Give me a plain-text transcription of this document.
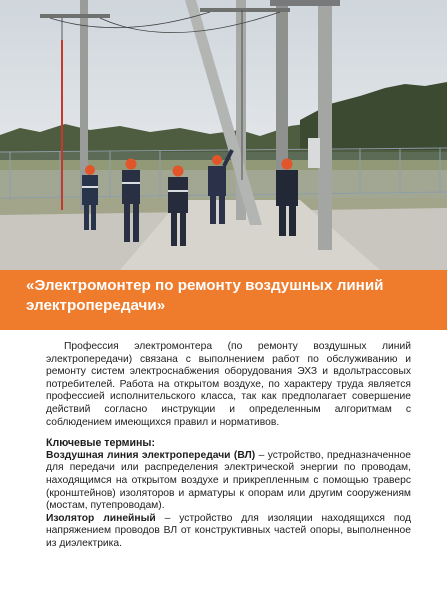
«Электромонтер по ремонту воздушных линий
электропередачи»

Профессия электромонтера (по ремонту воздушных линий электропередачи) связана с выполнением работ по обслуживанию и ремонту систем электроснабжения оборудования ЭХЗ и вдольтрассовых потребителей. Работа на открытом воздухе, по характеру труда является профессией исполнительского класса, так как предполагает совершение действий согласно инструкции и определенным алгоритмам с соблюдением имеющихся правил и нормативов.

Ключевые термины:

Воздушная линия электропередачи (ВЛ) – устройство, предназначенное для передачи или распределения электрической энергии по проводам, находящимся на открытом воздухе и прикрепленным с помощью траверс (кронштейнов) изоляторов и арматуры к опорам или другим сооружениям (мостам, путепроводам).

Изолятор линейный – устройство для изоляции находящихся под напряжением проводов ВЛ от конструктивных частей опоры, выполненное из диэлектрика.
